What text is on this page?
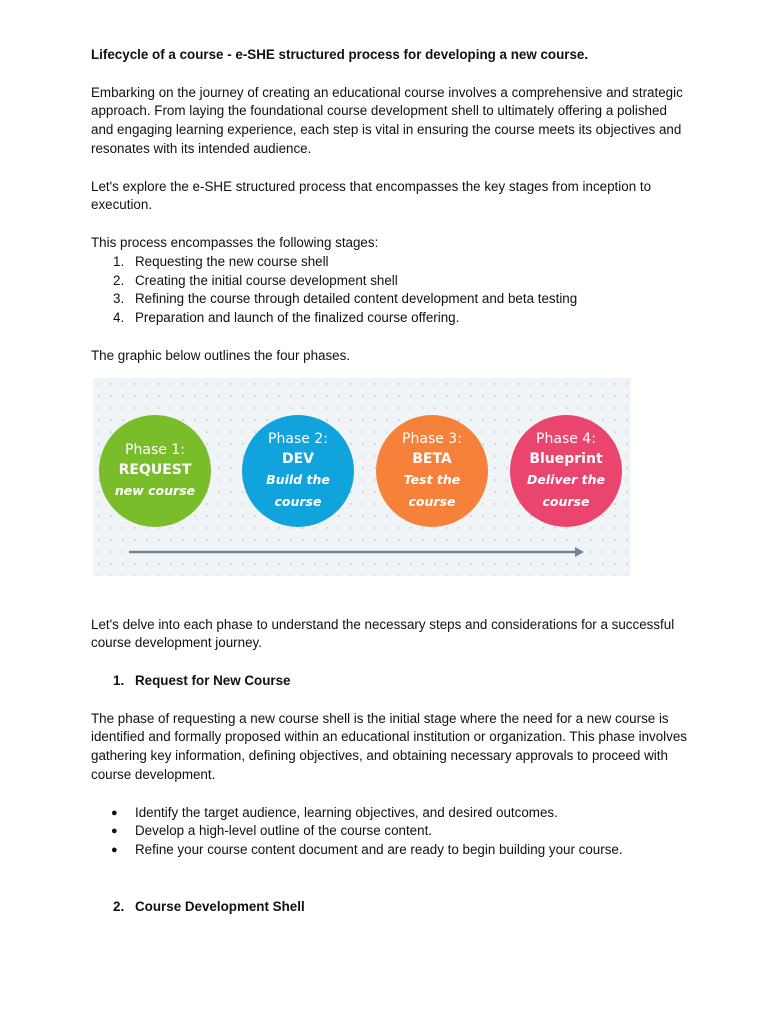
Lifecycle of a course - e-SHE structured process for developing a new course.

Embarking on the journey of creating an educational course involves a comprehensive and strategic approach. From laying the foundational course development shell to ultimately offering a polished and engaging learning experience, each step is vital in ensuring the course meets its objectives and resonates with its intended audience.

Let's explore the e-SHE structured process that encompasses the key stages from inception to execution.

This process encompasses the following stages:

1. Requesting the new course shell
2. Creating the initial course development shell
3. Refining the course through detailed content development and beta testing
4. Preparation and launch of the finalized course offering.

The graphic below outlines the four phases.

Phase 1:
REQUEST
new course
Phase 2:
DEV
Build the
course
Phase 3:
BETA
Test the
course
Phase 4:
Blueprint
Deliver the
course

Let's delve into each phase to understand the necessary steps and considerations for a successful course development journey.

1. Request for New Course

The phase of requesting a new course shell is the initial stage where the need for a new course is identified and formally proposed within an educational institution or organization. This phase involves gathering key information, defining objectives, and obtaining necessary approvals to proceed with course development.

● Identify the target audience, learning objectives, and desired outcomes.
● Develop a high-level outline of the course content.
● Refine your course content document and are ready to begin building your course.

2. Course Development Shell
